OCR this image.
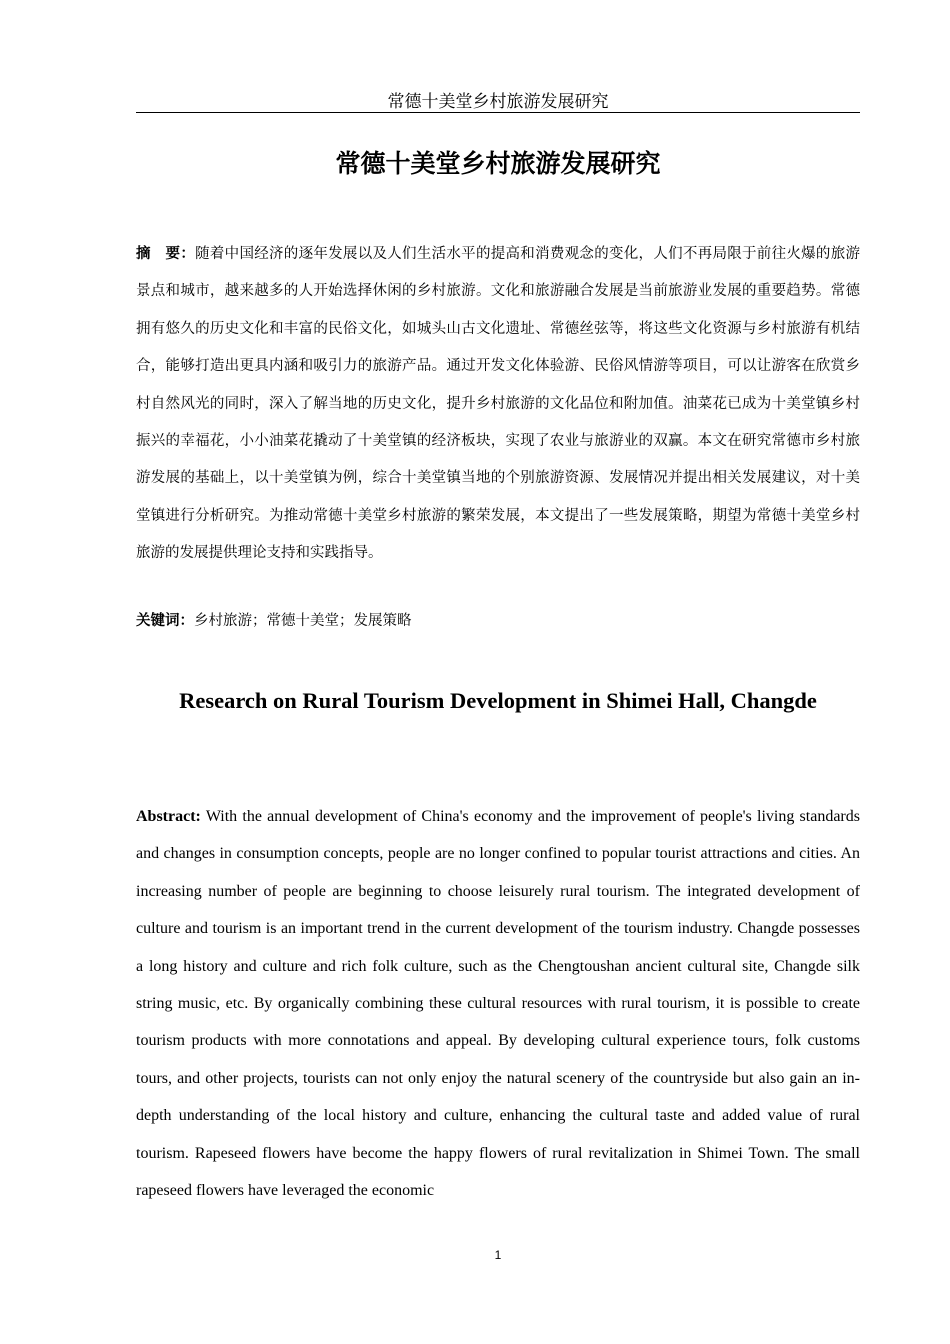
常德十美堂乡村旅游发展研究
常德十美堂乡村旅游发展研究
摘　要：随着中国经济的逐年发展以及人们生活水平的提高和消费观念的变化，人们不再局限于前往火爆的旅游景点和城市，越来越多的人开始选择休闲的乡村旅游。文化和旅游融合发展是当前旅游业发展的重要趋势。常德拥有悠久的历史文化和丰富的民俗文化，如城头山古文化遗址、常德丝弦等，将这些文化资源与乡村旅游有机结合，能够打造出更具内涵和吸引力的旅游产品。通过开发文化体验游、民俗风情游等项目，可以让游客在欣赏乡村自然风光的同时，深入了解当地的历史文化，提升乡村旅游的文化品位和附加值。油菜花已成为十美堂镇乡村振兴的幸福花，小小油菜花撬动了十美堂镇的经济板块，实现了农业与旅游业的双赢。本文在研究常德市乡村旅游发展的基础上，以十美堂镇为例，综合十美堂镇当地的个别旅游资源、发展情况并提出相关发展建议，对十美堂镇进行分析研究。为推动常德十美堂乡村旅游的繁荣发展，本文提出了一些发展策略，期望为常德十美堂乡村旅游的发展提供理论支持和实践指导。
关键词：乡村旅游；常德十美堂；发展策略
Research on Rural Tourism Development in Shimei Hall, Changde
Abstract: With the annual development of China's economy and the improvement of people's living standards and changes in consumption concepts, people are no longer confined to popular tourist attractions and cities. An increasing number of people are beginning to choose leisurely rural tourism. The integrated development of culture and tourism is an important trend in the current development of the tourism industry. Changde possesses a long history and culture and rich folk culture, such as the Chengtoushan ancient cultural site, Changde silk string music, etc. By organically combining these cultural resources with rural tourism, it is possible to create tourism products with more connotations and appeal. By developing cultural experience tours, folk customs tours, and other projects, tourists can not only enjoy the natural scenery of the countryside but also gain an in-depth understanding of the local history and culture, enhancing the cultural taste and added value of rural tourism. Rapeseed flowers have become the happy flowers of rural revitalization in Shimei Town. The small rapeseed flowers have leveraged the economic
1
